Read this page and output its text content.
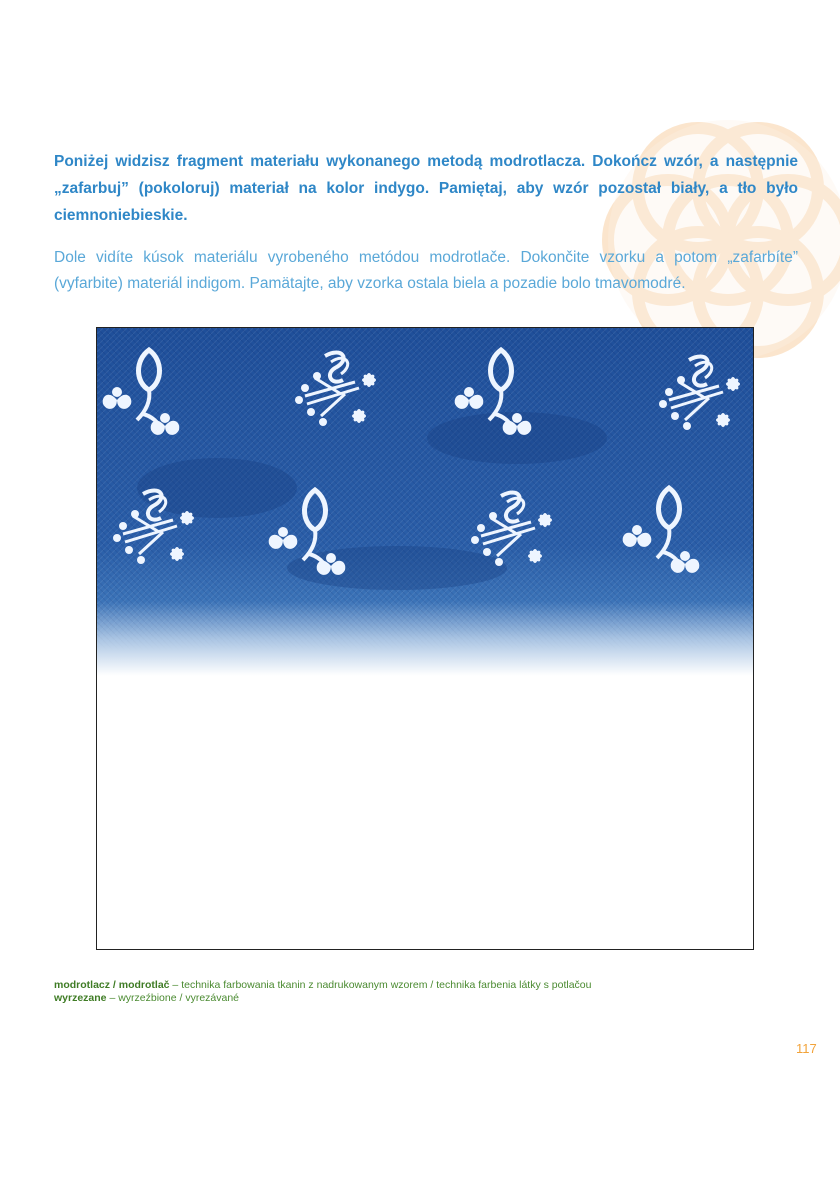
Poniżej widzisz fragment materiału wykonanego metodą modrotlacza. Dokończ wzór, a następnie „zafarbuj” (pokoloruj) materiał na kolor indygo. Pamiętaj, aby wzór pozostał biały, a tło było ciemnoniebieskie.
Dole vidíte kúsok materiálu vyrobeného metódou modrotlače. Dokončite vzorku a potom „zafarbíte” (vyfarbite) materiál indigom. Pamätajte, aby vzorka ostala biela a pozadie bolo tmavomodré.
modrotlacz / modrotlač – technika farbowania tkanin z nadrukowanym wzorem / technika farbenia látky s potlačou
wyrzezane – wyrzeźbione / vyrezávané
117
